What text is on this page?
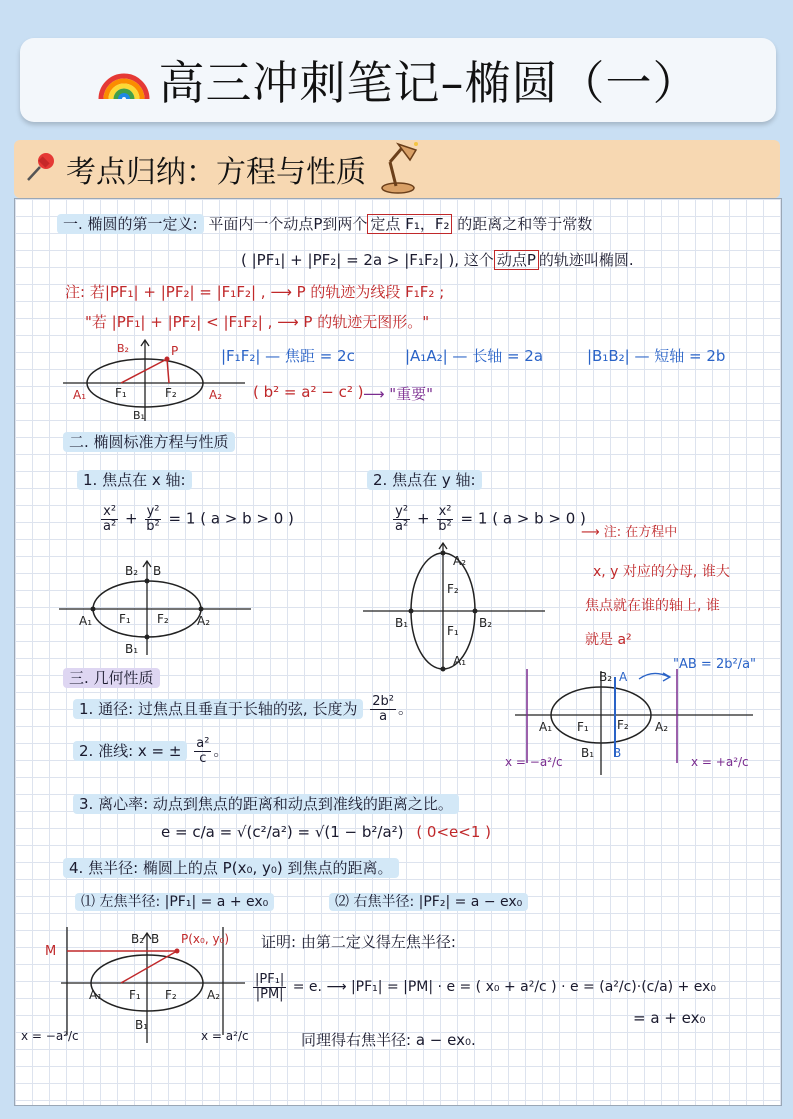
高三冲刺笔记–椭圆（一）
考点归纳：方程与性质
一. 椭圆的第一定义: 平面内一个动点P到两个 定点 F₁，F₂ 的距离之和等于常数
( |PF₁| + |PF₂| = 2a > |F₁F₂| ), 这个 动点P 的轨迹叫椭圆.
注: 若|PF₁| + |PF₂| = |F₁F₂| , ⟶ P 的轨迹为线段 F₁F₂ ;
"若 |PF₁| + |PF₂| < |F₁F₂| , ⟶ P 的轨迹无图形。"
B₂	P
A₁	A₂
F₁	F₂
B₁
|F₁F₂| — 焦距 = 2c	|A₁A₂| — 长轴 = 2a	|B₁B₂| — 短轴 = 2b
( b² = a² − c² ) ⟶ "重要"
二. 椭圆标准方程与性质
1. 焦点在 x 轴:	2. 焦点在 y 轴:
$\frac{\text{x²}}{\text{a²}} + \frac{\text{y²}}{\text{b²}} = 1$ ( a > b > 0 )	$\frac{\text{y²}}{\text{a²}} + \frac{\text{x²}}{\text{b²}} = 1$ ( a > b > 0 )
⟶ 注: 在方程中
B₂ B
A₁	A₂
F₁ F₂
B₁
A₂
F₂
F₁
A₁
B₁	B₂
x, y 对应的分母, 谁大
焦点就在谁的轴上, 谁
就是 a²
三. 几何性质
1. 通径: 过焦点且垂直于长轴的弦, 长度为 $\frac{\text{2b²}}{a}$ 。
2. 准线: x = ± $\frac{\text{a²}}{c}$ 。
A₁	A₂
F₁ F₂
B₂ A
B₁ B
"AB = 2b²/a"
x = −a²/c	x = +a²/c
3. 离心率: 动点到焦点的距离和动点到准线的距离之比。
e = c/a = √(c²/a²) = √(1 − b²/a²) ( 0<e<1 )
4. 焦半径: 椭圆上的点 P(x₀, y₀) 到焦点的距离。
⑴ 左焦半径: |PF₁| = a + ex₀	⑵ 右焦半径: |PF₂| = a − ex₀
M
P(x₀, y₀)
B₂ B
A₁	A₂
F₁ F₂
B₁
x = −a²/c	x = a²/c
证明: 由第二定义得左焦半径:
$\frac{\text{|PF₁|}}{|PM|} = e$. ⟶ |PF₁| = |PM| · e = ( x₀ + a²/c ) · e = (a²/c)·(c/a) + ex₀
= a + ex₀
同理得右焦半径: a − ex₀.
